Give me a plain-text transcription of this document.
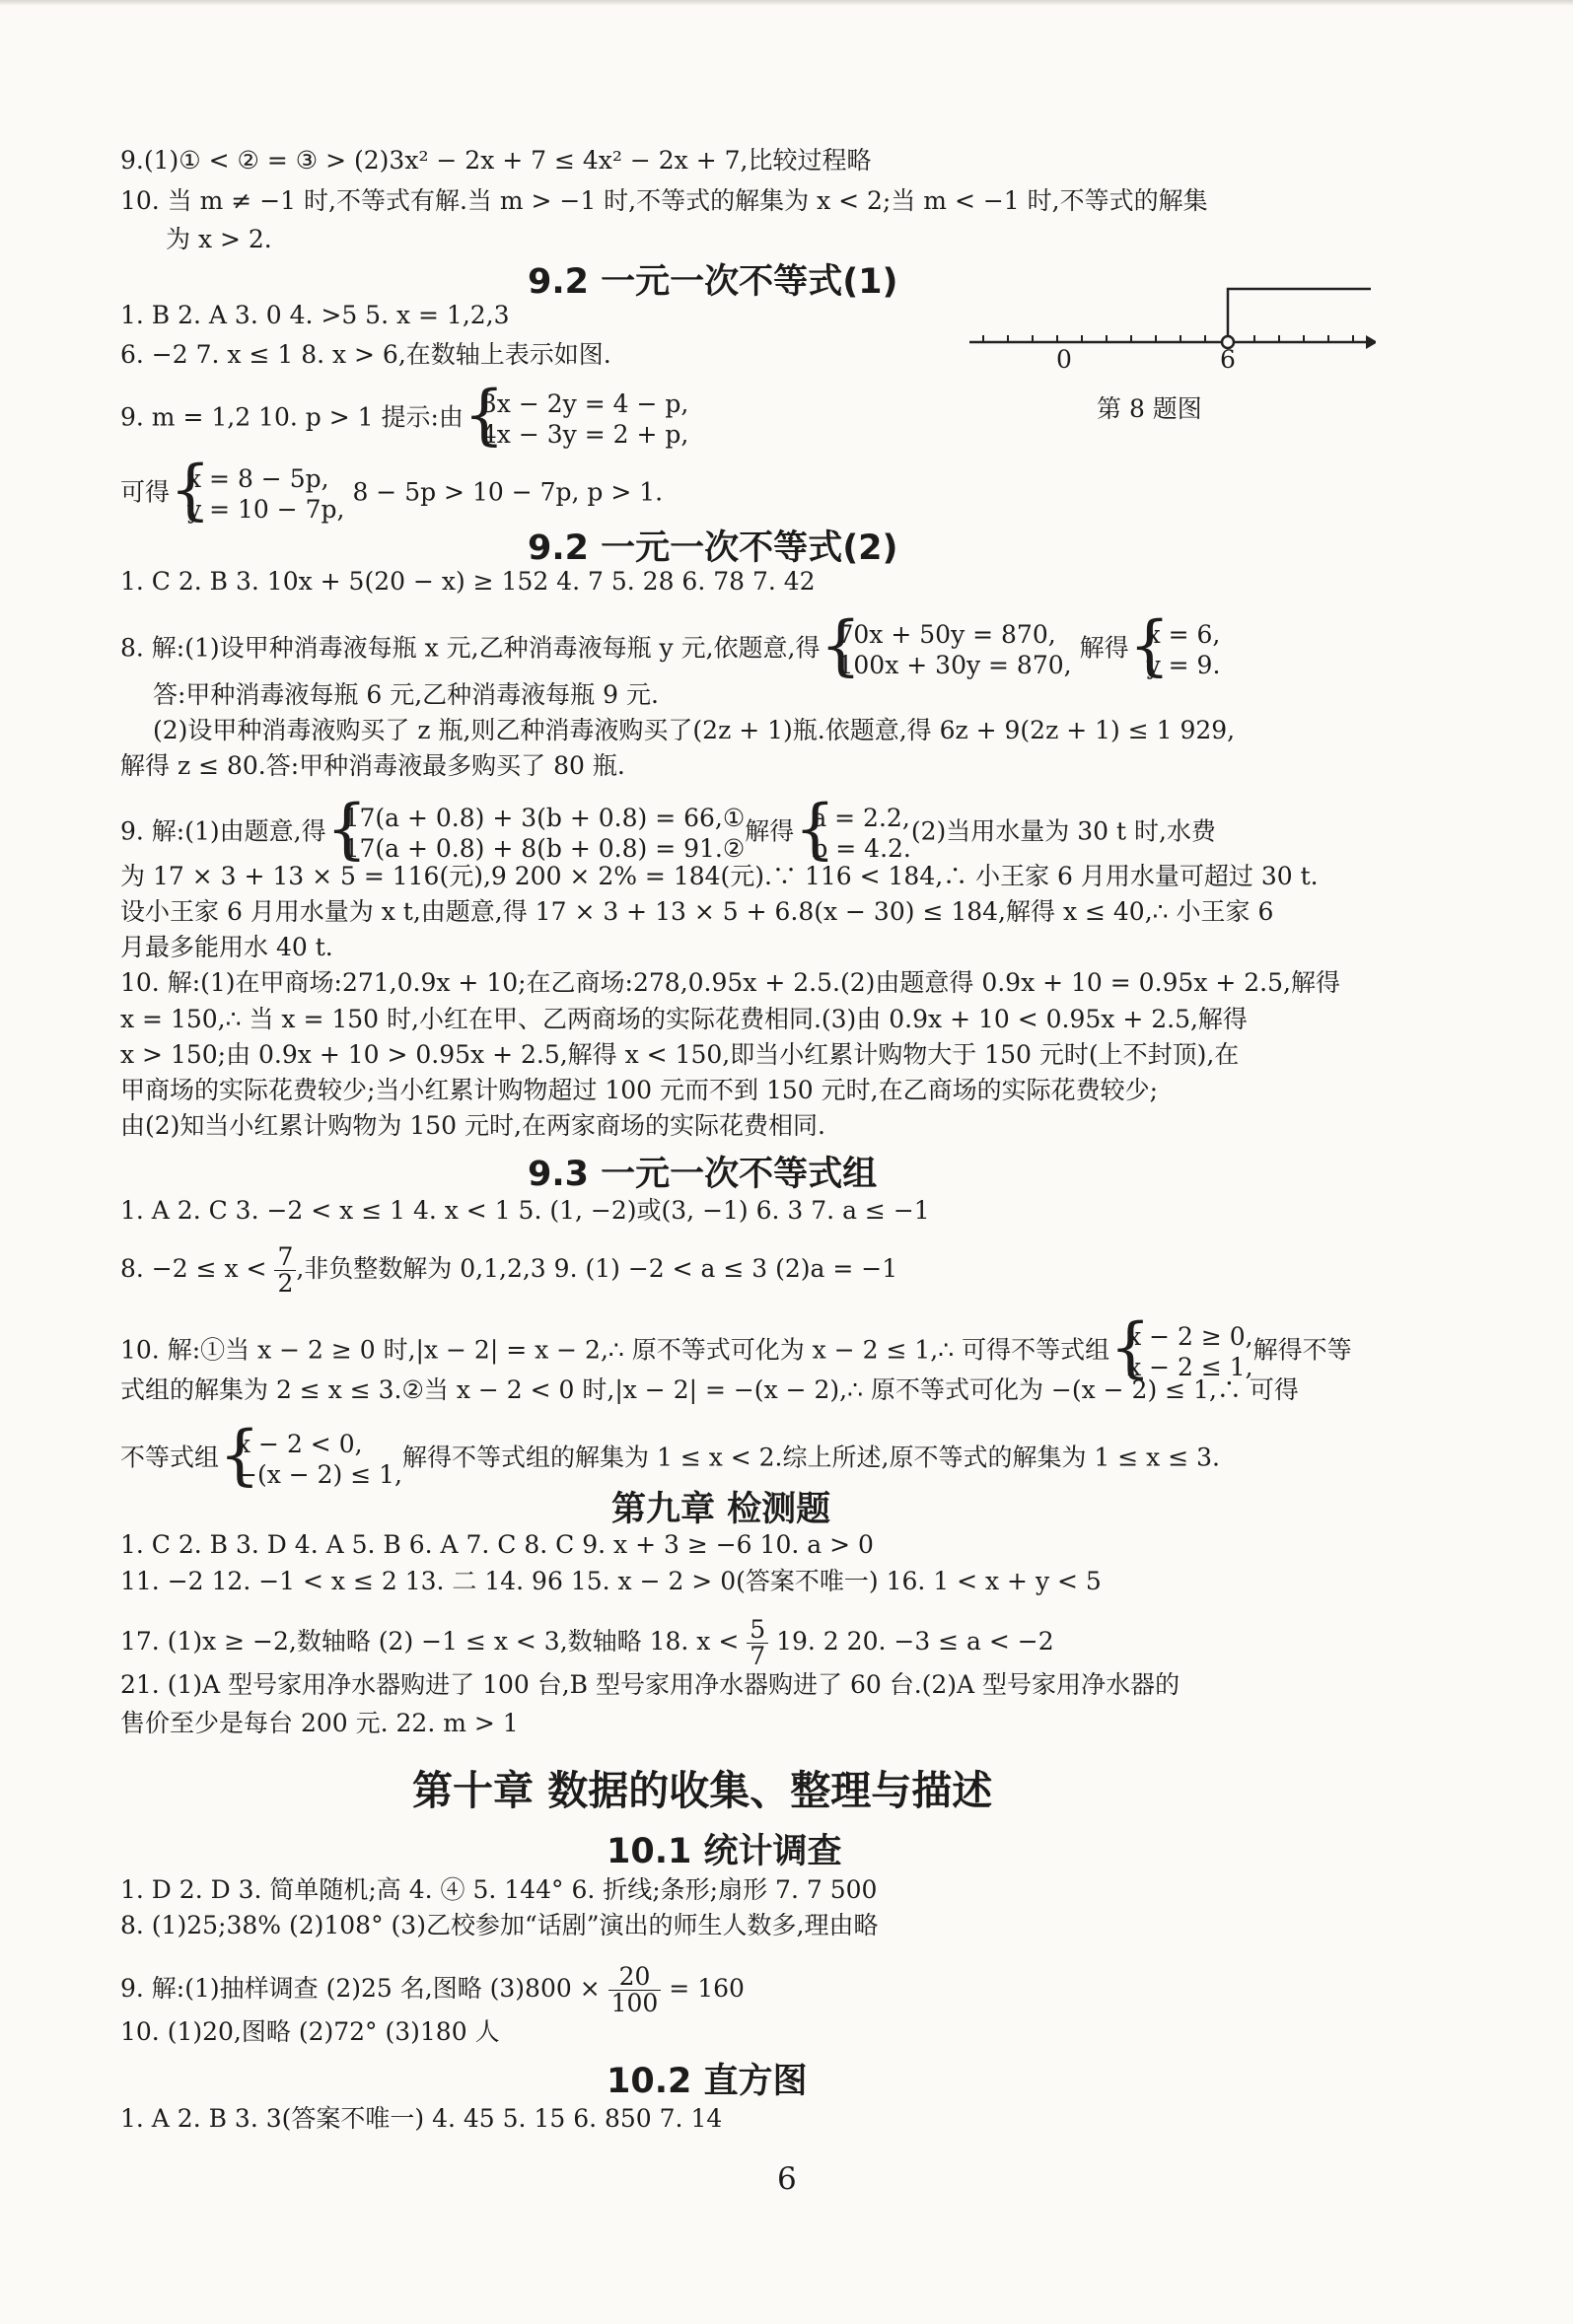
9.(1)① < ② = ③ > (2)3x² − 2x + 7 ≤ 4x² − 2x + 7,比较过程略
10. 当 m ≠ −1 时,不等式有解.当 m > −1 时,不等式的解集为 x < 2;当 m < −1 时,不等式的解集
为 x > 2.
9.2 一元一次不等式(1)
1. B 2. A 3. 0 4. >5 5. x = 1,2,3
6. −2 7. x ≤ 1 8. x > 6,在数轴上表示如图.
9. m = 1,2 10. p > 1 提示:由 { 3x − 2y = 4 − p,
4x − 3y = 2 + p,
可得 { x = 8 − 5p,
y = 10 − 7p,
8 − 5p > 10 − 7p, p > 1.
0	6
第 8 题图
9.2 一元一次不等式(2)
1. C 2. B 3. 10x + 5(20 − x) ≥ 152 4. 7 5. 28 6. 78 7. 42
8. 解:(1)设甲种消毒液每瓶 x 元,乙种消毒液每瓶 y 元,依题意,得 { 70x + 50y = 870,
100x + 30y = 870,
解得 { x = 6,
y = 9.
答:甲种消毒液每瓶 6 元,乙种消毒液每瓶 9 元.
(2)设甲种消毒液购买了 z 瓶,则乙种消毒液购买了(2z + 1)瓶.依题意,得 6z + 9(2z + 1) ≤ 1 929,
解得 z ≤ 80.答:甲种消毒液最多购买了 80 瓶.
9. 解:(1)由题意,得 { 17(a + 0.8) + 3(b + 0.8) = 66,①
17(a + 0.8) + 8(b + 0.8) = 91.②
解得 { a = 2.2,
b = 4.2.
(2)当用水量为 30 t 时,水费
为 17 × 3 + 13 × 5 = 116(元),9 200 × 2% = 184(元).∵ 116 < 184,∴ 小王家 6 月用水量可超过 30 t.
设小王家 6 月用水量为 x t,由题意,得 17 × 3 + 13 × 5 + 6.8(x − 30) ≤ 184,解得 x ≤ 40,∴ 小王家 6
月最多能用水 40 t.
10. 解:(1)在甲商场:271,0.9x + 10;在乙商场:278,0.95x + 2.5.(2)由题意得 0.9x + 10 = 0.95x + 2.5,解得
x = 150,∴ 当 x = 150 时,小红在甲、乙两商场的实际花费相同.(3)由 0.9x + 10 < 0.95x + 2.5,解得
x > 150;由 0.9x + 10 > 0.95x + 2.5,解得 x < 150,即当小红累计购物大于 150 元时(上不封顶),在
甲商场的实际花费较少;当小红累计购物超过 100 元而不到 150 元时,在乙商场的实际花费较少;
由(2)知当小红累计购物为 150 元时,在两家商场的实际花费相同.
9.3 一元一次不等式组
1. A 2. C 3. −2 < x ≤ 1 4. x < 1 5. (1, −2)或(3, −1) 6. 3 7. a ≤ −1
8. $-2 \le x < \frac{7}{2}$ ,非负整数解为 0,1,2,3 9. (1) −2 < a ≤ 3 (2)a = −1
10. 解:①当 x − 2 ≥ 0 时,|x − 2| = x − 2,∴ 原不等式可化为 x − 2 ≤ 1,∴ 可得不等式组 { x − 2 ≥ 0,
x − 2 ≤ 1,
解得不等
式组的解集为 2 ≤ x ≤ 3.②当 x − 2 < 0 时,|x − 2| = −(x − 2),∴ 原不等式可化为 −(x − 2) ≤ 1,∴ 可得
不等式组 { x − 2 < 0,
−(x − 2) ≤ 1,
解得不等式组的解集为 1 ≤ x < 2.综上所述,原不等式的解集为 1 ≤ x ≤ 3.
第九章 检测题
1. C 2. B 3. D 4. A 5. B 6. A 7. C 8. C 9. x + 3 ≥ −6 10. a > 0
11. −2 12. −1 < x ≤ 2 13. 二 14. 96 15. x − 2 > 0(答案不唯一) 16. 1 < x + y < 5
17. (1)x ≥ −2,数轴略 (2) −1 ≤ x < 3,数轴略 18. $x < \frac{5}{7} 19$. 2 20. −3 ≤ a < −2
21. (1)A 型号家用净水器购进了 100 台,B 型号家用净水器购进了 60 台.(2)A 型号家用净水器的
售价至少是每台 200 元. 22. m > 1
第十章 数据的收集、整理与描述
10.1 统计调查
1. D 2. D 3. 简单随机;高 4. ④ 5. 144° 6. 折线;条形;扇形 7. 7 500
8. (1)25;38% (2)108° (3)乙校参加“话剧”演出的师生人数多,理由略
9. 解:(1)抽样调查 (2)25 名,图略 $(3)800 \times \frac{20}{100} = 160$
10. (1)20,图略 (2)72° (3)180 人
10.2 直方图
1. A 2. B 3. 3(答案不唯一) 4. 45 5. 15 6. 850 7. 14
6
